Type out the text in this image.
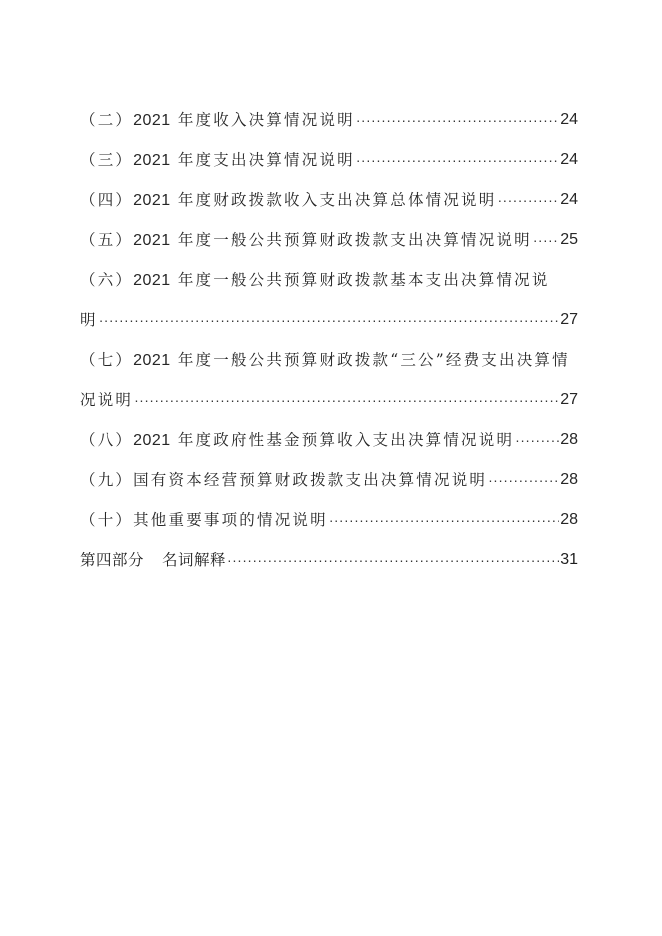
（二）2021 年度收入决算情况说明 ·····	24
（三）2021 年度支出决算情况说明 ·····	24
（四）2021 年度财政拨款收入支出决算总体情况说明 ·····	24
（五）2021 年度一般公共预算财政拨款支出决算情况说明 ····· 25
（六）2021 年度一般公共预算财政拨款基本支出决算情况说
明 ·····	27
（七）2021 年度一般公共预算财政拨款“三公”经费支出决算情
况说明 ·····	27
（八）2021 年度政府性基金预算收入支出决算情况说明 ·····	28
（九）国有资本经营预算财政拨款支出决算情况说明 ·····	28
（十）其他重要事项的情况说明 ·····	28
第四部分 名词解释 ·····	31
